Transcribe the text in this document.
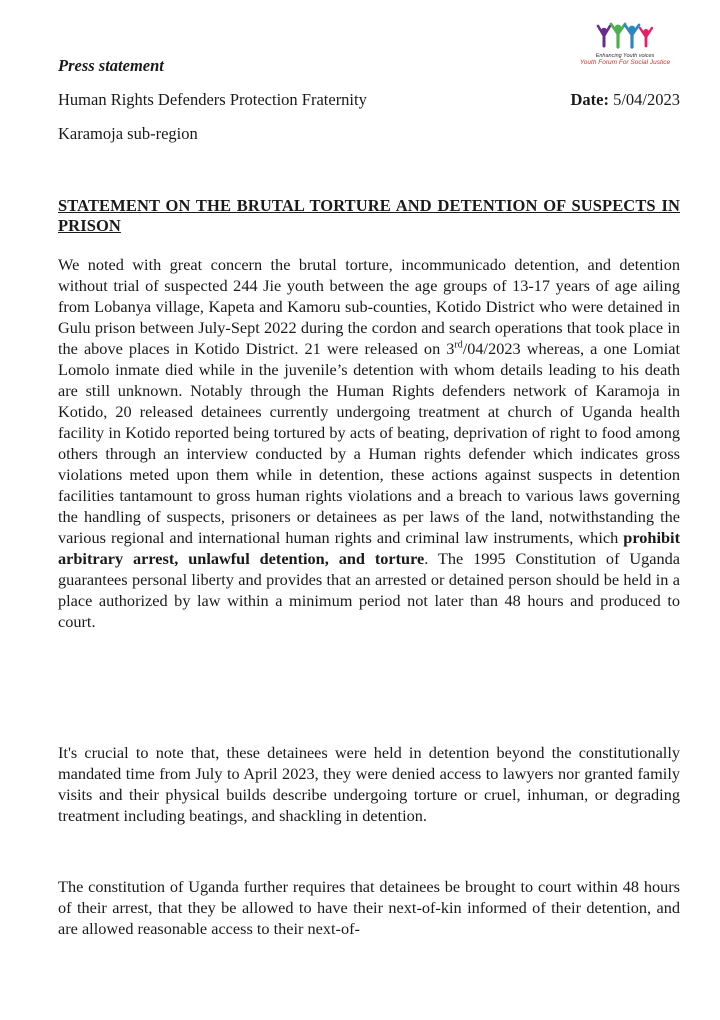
Enhancing Youth voices
Youth Forum For Social Justice
Press statement
Human Rights Defenders Protection Fraternity	Date: 5/04/2023
Karamoja sub-region
STATEMENT ON THE BRUTAL TORTURE AND DETENTION OF SUSPECTS IN PRISON

We noted with great concern the brutal torture, incommunicado detention, and detention without trial of suspected 244 Jie youth between the age groups of 13-17 years of age ailing from Lobanya village, Kapeta and Kamoru sub-counties, Kotido District who were detained in Gulu prison between July-Sept 2022 during the cordon and search operations that took place in the above places in Kotido District. 21 were released on 3rd/04/2023 whereas, a one Lomiat Lomolo inmate died while in the juvenile’s detention with whom details leading to his death are still unknown. Notably through the Human Rights defenders network of Karamoja in Kotido, 20 released detainees currently undergoing treatment at church of Uganda health facility in Kotido reported being tortured by acts of beating, deprivation of right to food among others through an interview conducted by a Human rights defender which indicates gross violations meted upon them while in detention, these actions against suspects in detention facilities tantamount to gross human rights violations and a breach to various laws governing the handling of suspects, prisoners or detainees as per laws of the land, notwithstanding the various regional and international human rights and criminal law instruments, which prohibit arbitrary arrest, unlawful detention, and torture. The 1995 Constitution of Uganda guarantees personal liberty and provides that an arrested or detained person should be held in a place authorized by law within a minimum period not later than 48 hours and produced to court.

It's crucial to note that, these detainees were held in detention beyond the constitutionally mandated time from July to April 2023, they were denied access to lawyers nor granted family visits and their physical builds describe undergoing torture or cruel, inhuman, or degrading treatment including beatings, and shackling in detention.

The constitution of Uganda further requires that detainees be brought to court within 48 hours of their arrest, that they be allowed to have their next-of-kin informed of their detention, and are allowed reasonable access to their next-of-
